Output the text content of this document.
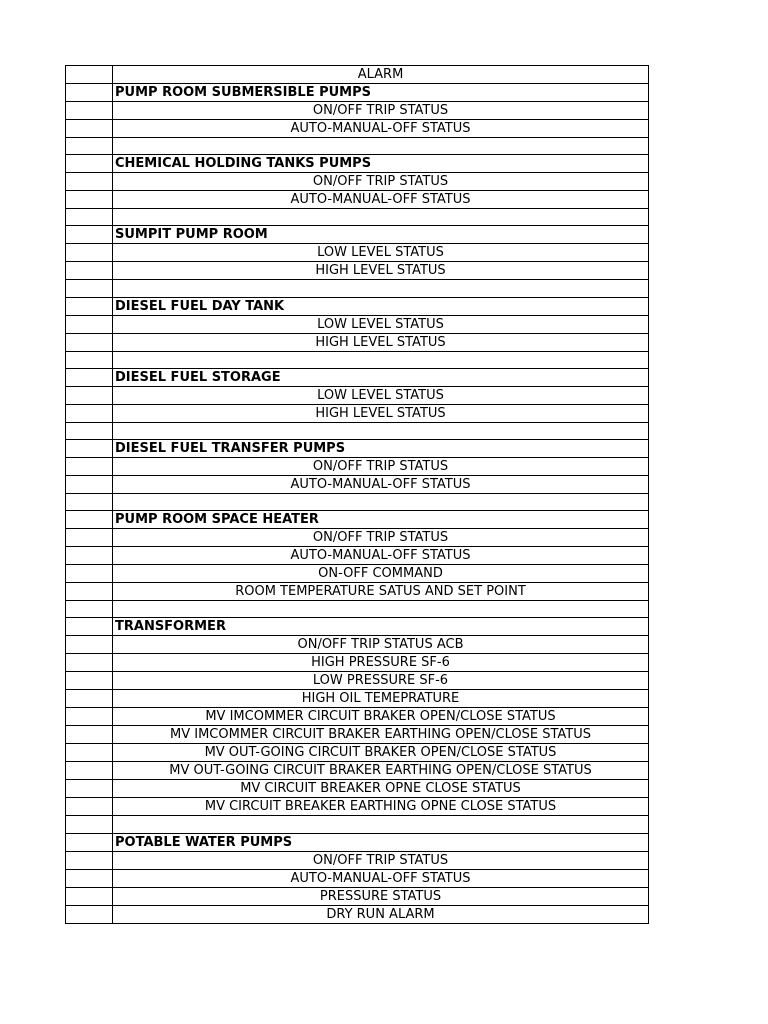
	ALARM
	PUMP ROOM SUBMERSIBLE PUMPS
	ON/OFF TRIP STATUS
	AUTO-MANUAL-OFF STATUS

	CHEMICAL HOLDING TANKS PUMPS
	ON/OFF TRIP STATUS
	AUTO-MANUAL-OFF STATUS

	SUMPIT PUMP ROOM
	LOW LEVEL STATUS
	HIGH LEVEL STATUS

	DIESEL FUEL DAY TANK
	LOW LEVEL STATUS
	HIGH LEVEL STATUS

	DIESEL FUEL STORAGE
	LOW LEVEL STATUS
	HIGH LEVEL STATUS

	DIESEL FUEL TRANSFER PUMPS
	ON/OFF TRIP STATUS
	AUTO-MANUAL-OFF STATUS

	PUMP ROOM SPACE HEATER
	ON/OFF TRIP STATUS
	AUTO-MANUAL-OFF STATUS
	ON-OFF COMMAND
	ROOM TEMPERATURE SATUS AND SET POINT

	TRANSFORMER
	ON/OFF TRIP STATUS ACB
	HIGH PRESSURE SF-6
	LOW PRESSURE SF-6
	HIGH OIL TEMEPRATURE
	MV IMCOMMER CIRCUIT BRAKER OPEN/CLOSE STATUS
	MV IMCOMMER CIRCUIT BRAKER EARTHING OPEN/CLOSE STATUS
	MV OUT-GOING CIRCUIT BRAKER OPEN/CLOSE STATUS
	MV OUT-GOING CIRCUIT BRAKER EARTHING OPEN/CLOSE STATUS
	MV CIRCUIT BREAKER OPNE CLOSE STATUS
	MV CIRCUIT BREAKER EARTHING OPNE CLOSE STATUS

	POTABLE WATER PUMPS
	ON/OFF TRIP STATUS
	AUTO-MANUAL-OFF STATUS
	PRESSURE STATUS
	DRY RUN ALARM
